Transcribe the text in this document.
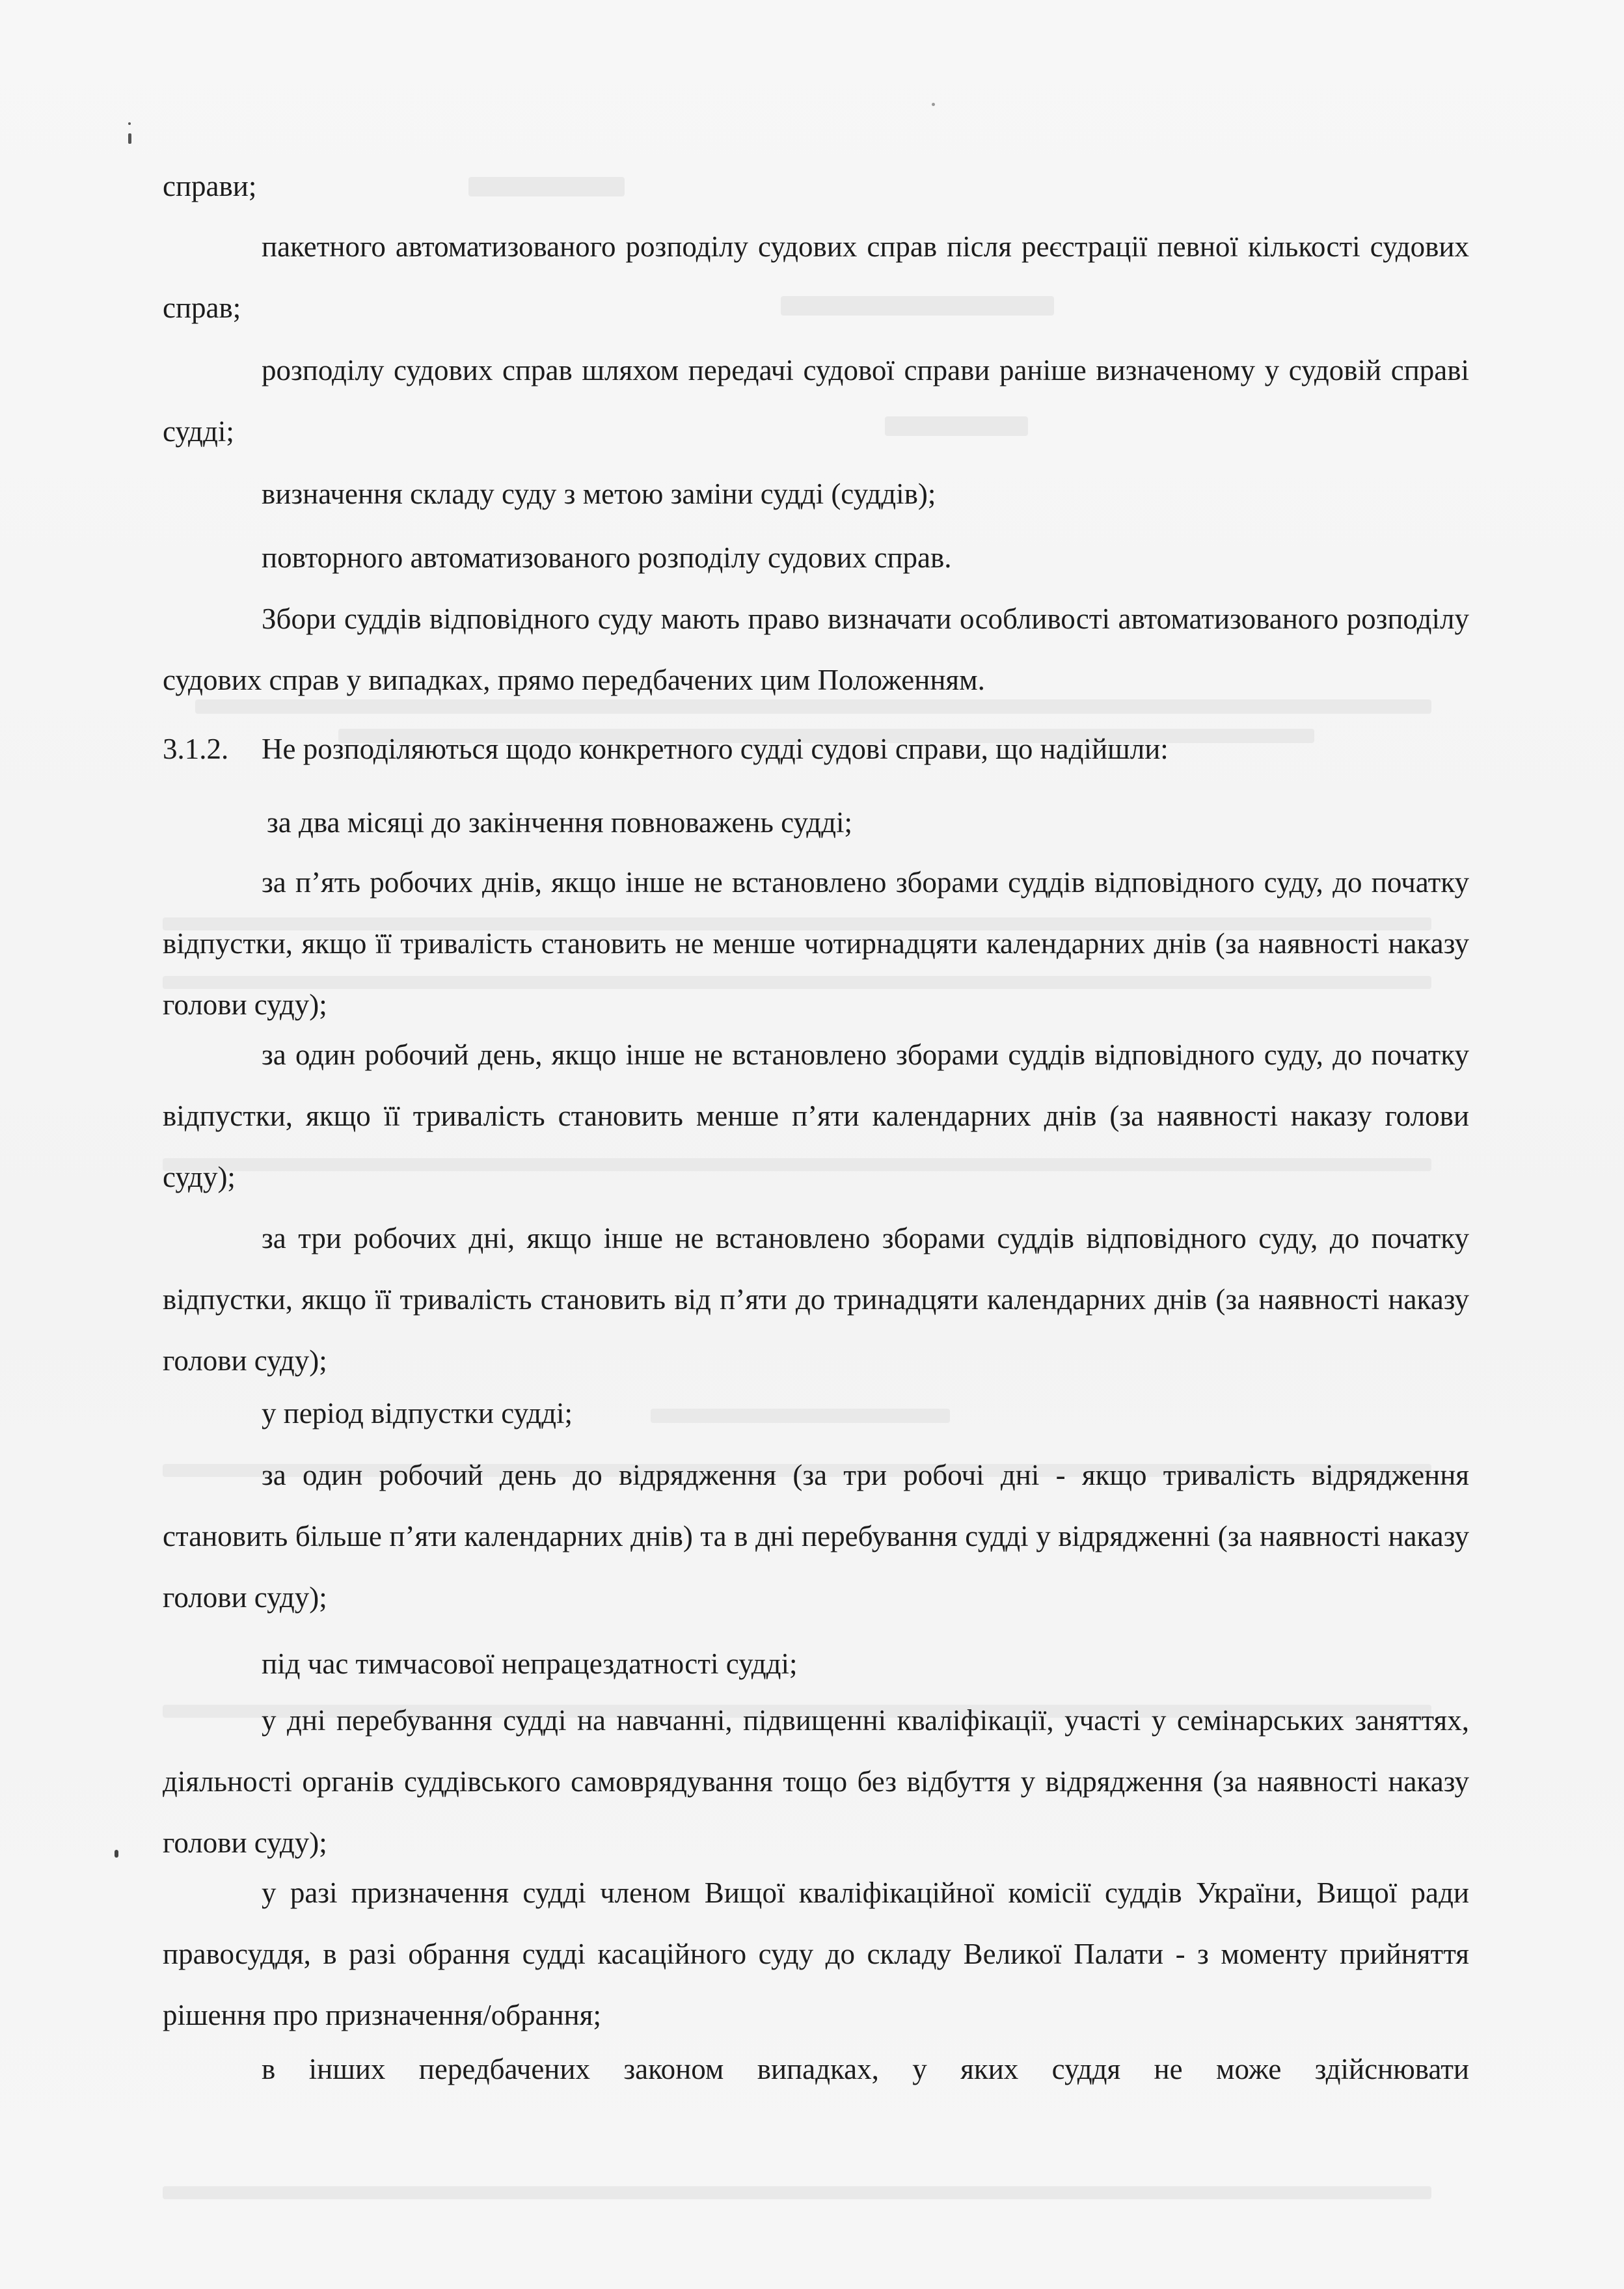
справи;
пакетного автоматизованого розподілу судових справ після реєстрації певної кількості судових справ;
розподілу судових справ шляхом передачі судової справи раніше визначеному у судовій справі судді;
визначення складу суду з метою заміни судді (суддів);
повторного автоматизованого розподілу судових справ.
Збори суддів відповідного суду мають право визначати особливості автоматизованого розподілу судових справ у випадках, прямо передбачених цим Положенням.
3.1.2. Не розподіляються щодо конкретного судді судові справи, що надійшли:
за два місяці до закінчення повноважень судді;
за п’ять робочих днів, якщо інше не встановлено зборами суддів відповідного суду, до початку відпустки, якщо її тривалість становить не менше чотирнадцяти календарних днів (за наявності наказу голови суду);
за один робочий день, якщо інше не встановлено зборами суддів відповідного суду, до початку відпустки, якщо її тривалість становить менше п’яти календарних днів (за наявності наказу голови суду);
за три робочих дні, якщо інше не встановлено зборами суддів відповідного суду, до початку відпустки, якщо її тривалість становить від п’яти до тринадцяти календарних днів (за наявності наказу голови суду);
у період відпустки судді;
за один робочий день до відрядження (за три робочі дні - якщо тривалість відрядження становить більше п’яти календарних днів) та в дні перебування судді у відрядженні (за наявності наказу голови суду);
під час тимчасової непрацездатності судді;
у дні перебування судді на навчанні, підвищенні кваліфікації, участі у семінарських заняттях, діяльності органів суддівського самоврядування тощо без відбуття у відрядження (за наявності наказу голови суду);
у разі призначення судді членом Вищої кваліфікаційної комісії суддів України, Вищої ради правосуддя, в разі обрання судді касаційного суду до складу Великої Палати - з моменту прийняття рішення про призначення/обрання;
в інших передбачених законом випадках, у яких суддя не може здійснювати
